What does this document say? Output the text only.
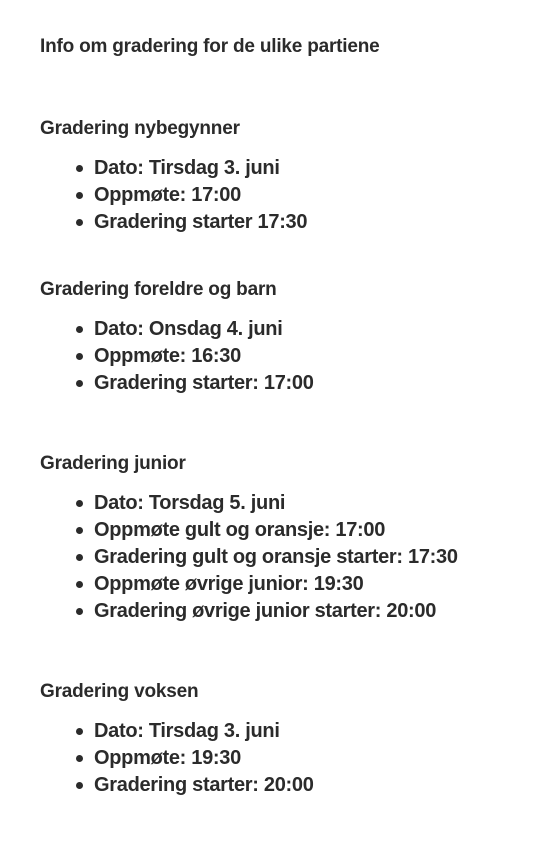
Info om gradering for de ulike partiene
Gradering nybegynner
Dato: Tirsdag 3. juni
Oppmøte: 17:00
Gradering starter 17:30
Gradering foreldre og barn
Dato: Onsdag 4. juni
Oppmøte: 16:30
Gradering starter: 17:00
Gradering junior
Dato: Torsdag 5. juni
Oppmøte gult og oransje: 17:00
Gradering gult og oransje starter: 17:30
Oppmøte øvrige junior: 19:30
Gradering øvrige junior starter: 20:00
Gradering voksen
Dato: Tirsdag 3. juni
Oppmøte: 19:30
Gradering starter: 20:00
